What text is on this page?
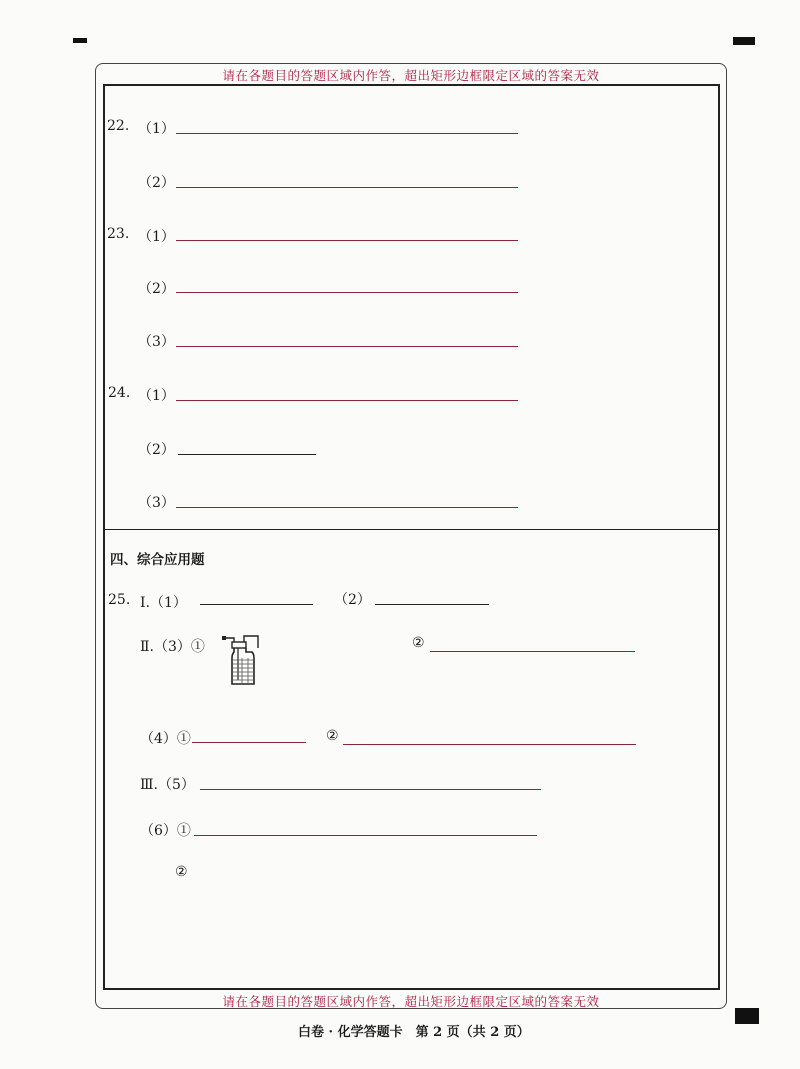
请在各题目的答题区域内作答，超出矩形边框限定区域的答案无效
请在各题目的答题区域内作答，超出矩形边框限定区域的答案无效
22. （1）
（2）
23. （1）
（2）
（3）
24. （1）
（2）
（3）
四、综合应用题
25. Ⅰ.（1）	（2）
Ⅱ.（3）①	②
（4）①	②
Ⅲ.（5）
（6）①
②
白卷 · 化学答题卡　第 2 页（共 2 页）
